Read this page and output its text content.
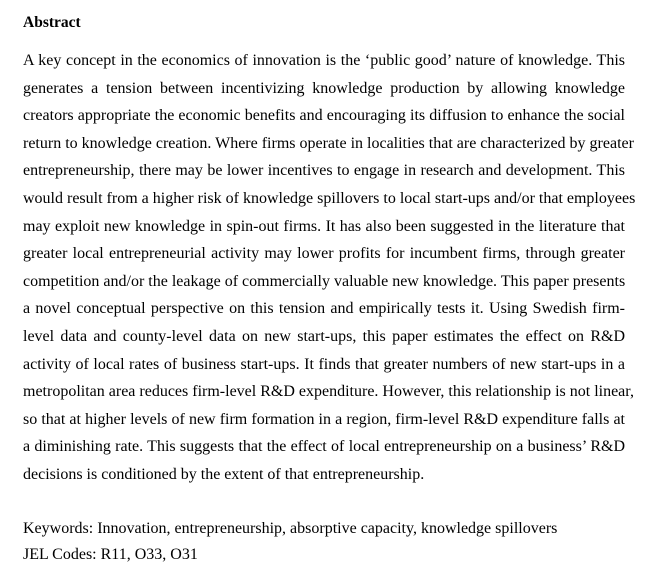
Abstract
A key concept in the economics of innovation is the ‘public good’ nature of knowledge. This
generates a tension between incentivizing knowledge production by allowing knowledge
creators appropriate the economic benefits and encouraging its diffusion to enhance the social
return to knowledge creation. Where firms operate in localities that are characterized by greater
entrepreneurship, there may be lower incentives to engage in research and development. This
would result from a higher risk of knowledge spillovers to local start-ups and/or that employees
may exploit new knowledge in spin-out firms. It has also been suggested in the literature that
greater local entrepreneurial activity may lower profits for incumbent firms, through greater
competition and/or the leakage of commercially valuable new knowledge. This paper presents
a novel conceptual perspective on this tension and empirically tests it. Using Swedish firm-
level data and county-level data on new start-ups, this paper estimates the effect on R&D
activity of local rates of business start-ups. It finds that greater numbers of new start-ups in a
metropolitan area reduces firm-level R&D expenditure. However, this relationship is not linear,
so that at higher levels of new firm formation in a region, firm-level R&D expenditure falls at
a diminishing rate. This suggests that the effect of local entrepreneurship on a business’ R&D
decisions is conditioned by the extent of that entrepreneurship.
Keywords: Innovation, entrepreneurship, absorptive capacity, knowledge spillovers
JEL Codes: R11, O33, O31
